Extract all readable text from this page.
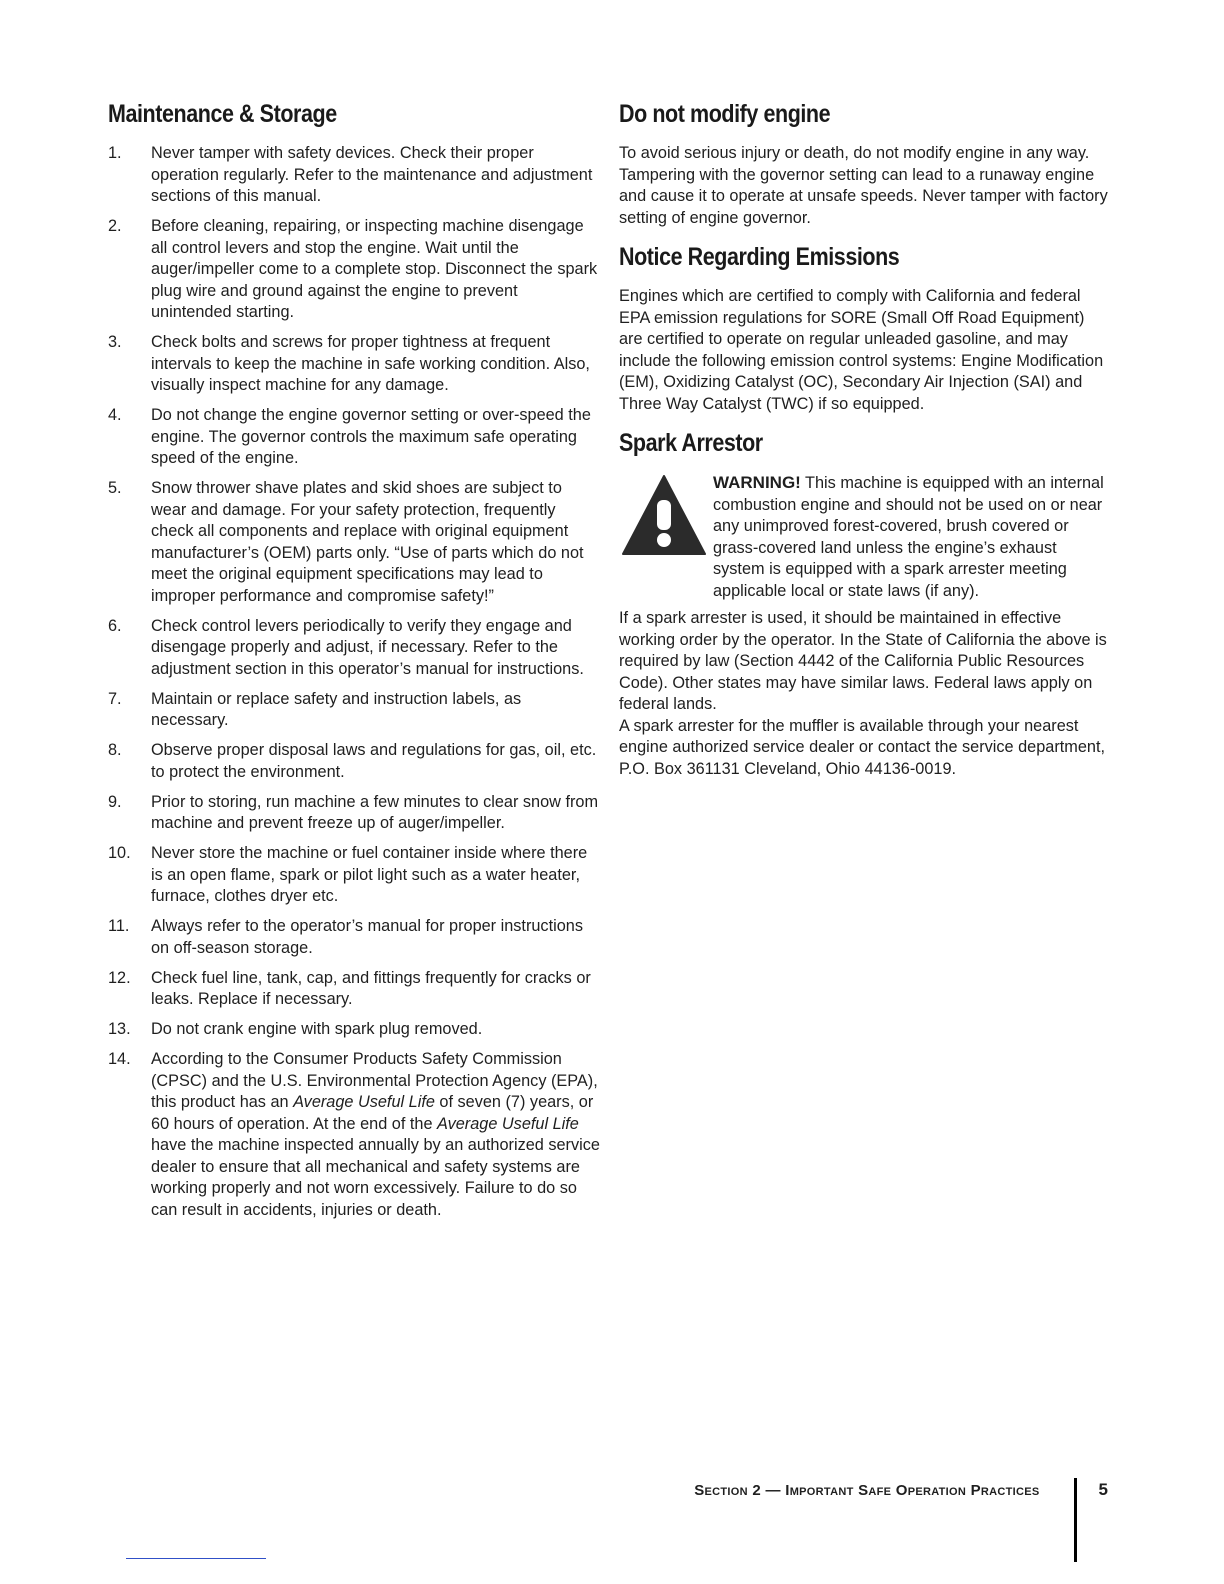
Maintenance & Storage
1.	Never tamper with safety devices. Check their proper operation regularly. Refer to the maintenance and adjustment sections of this manual.
2.	Before cleaning, repairing, or inspecting machine disengage all control levers and stop the engine. Wait until the auger/impeller come to a complete stop. Disconnect the spark plug wire and ground against the engine to prevent unintended starting.
3.	Check bolts and screws for proper tightness at frequent intervals to keep the machine in safe working condition. Also, visually inspect machine for any damage.
4.	Do not change the engine governor setting or over-speed the engine. The governor controls the maximum safe operating speed of the engine.
5.	Snow thrower shave plates and skid shoes are subject to wear and damage. For your safety protection, frequently check all components and replace with original equipment manufacturer’s (OEM) parts only. “Use of parts which do not meet the original equipment specifications may lead to improper performance and compromise safety!”
6.	Check control levers periodically to verify they engage and disengage properly and adjust, if necessary. Refer to the adjustment section in this operator’s manual for instructions.
7.	Maintain or replace safety and instruction labels, as necessary.
8.	Observe proper disposal laws and regulations for gas, oil, etc. to protect the environment.
9.	Prior to storing, run machine a few minutes to clear snow from machine and prevent freeze up of auger/impeller.
10.	Never store the machine or fuel container inside where there is an open flame, spark or pilot light such as a water heater, furnace, clothes dryer etc.
11.	Always refer to the operator’s manual for proper instructions on off-season storage.
12.	Check fuel line, tank, cap, and fittings frequently for cracks or leaks. Replace if necessary.
13.	Do not crank engine with spark plug removed.
14.	According to the Consumer Products Safety Commission (CPSC) and the U.S. Environmental Protection Agency (EPA), this product has an Average Useful Life of seven (7) years, or 60 hours of operation. At the end of the Average Useful Life have the machine inspected annually by an authorized service dealer to ensure that all mechanical and safety systems are working properly and not worn excessively. Failure to do so can result in accidents, injuries or death.
Do not modify engine

To avoid serious injury or death, do not modify engine in any way. Tampering with the governor setting can lead to a runaway engine and cause it to operate at unsafe speeds. Never tamper with factory setting of engine governor.

Notice Regarding Emissions

Engines which are certified to comply with California and federal EPA emission regulations for SORE (Small Off Road Equipment) are certified to operate on regular unleaded gasoline, and may include the following emission control systems: Engine Modification (EM), Oxidizing Catalyst (OC), Secondary Air Injection (SAI) and Three Way Catalyst (TWC) if so equipped.

Spark Arrestor
WARNING! This machine is equipped with an internal combustion engine and should not be used on or near any unimproved forest-covered, brush covered or grass-covered land unless the engine’s exhaust system is equipped with a spark arrester meeting applicable local or state laws (if any).

If a spark arrester is used, it should be maintained in effective working order by the operator. In the State of California the above is required by law (Section 4442 of the California Public Resources Code). Other states may have similar laws. Federal laws apply on federal lands.

A spark arrester for the muffler is available through your nearest engine authorized service dealer or contact the service department, P.O. Box 361131 Cleveland, Ohio 44136-0019.

Section 2 — Important Safe Operation Practices	5
